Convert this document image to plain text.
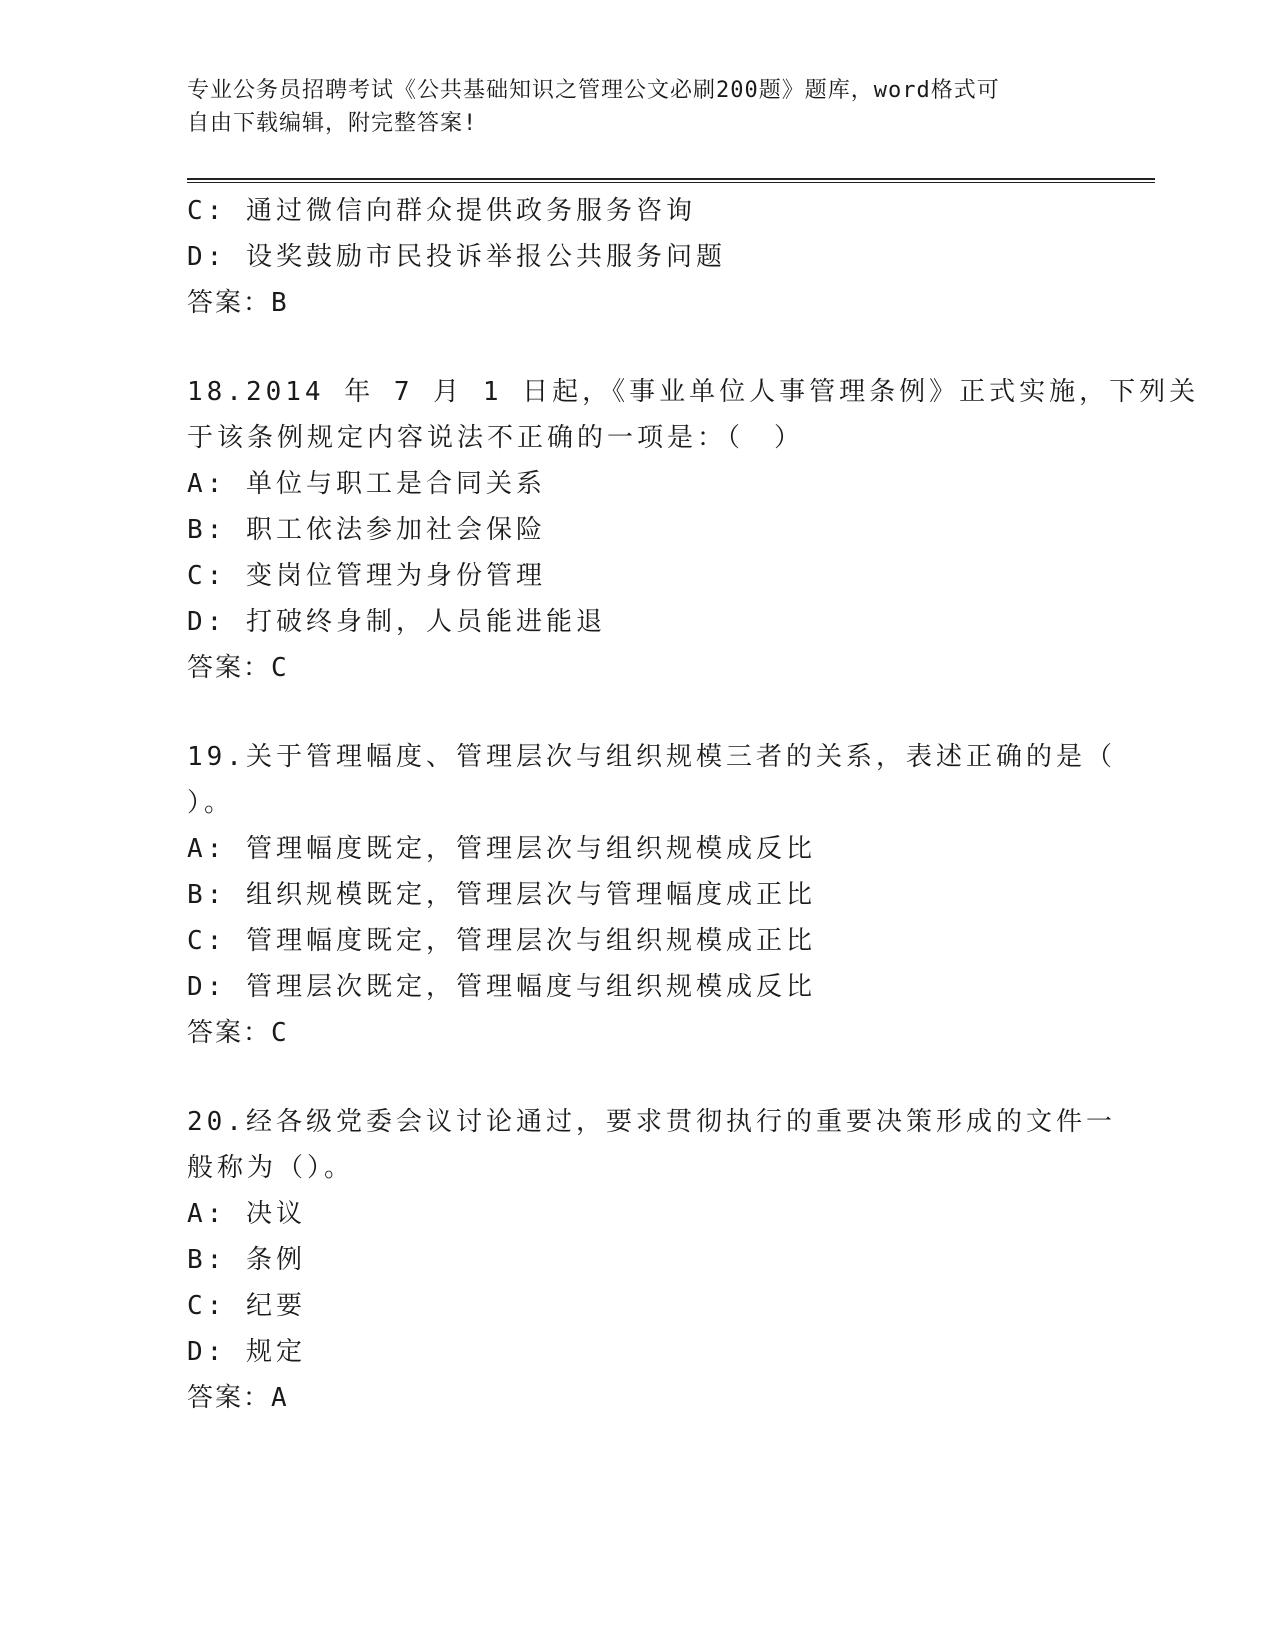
专业公务员招聘考试《公共基础知识之管理公文必刷200题》题库，word格式可
自由下载编辑，附完整答案!
C: 通过微信向群众提供政务服务咨询
D: 设奖鼓励市民投诉举报公共服务问题
答案：B
18.2014 年 7 月 1 日起，《事业单位人事管理条例》正式实施，下列关
于该条例规定内容说法不正确的一项是：（　）
A: 单位与职工是合同关系
B: 职工依法参加社会保险
C: 变岗位管理为身份管理
D: 打破终身制，人员能进能退
答案：C
19.关于管理幅度、管理层次与组织规模三者的关系，表述正确的是（
）。
A: 管理幅度既定，管理层次与组织规模成反比
B: 组织规模既定，管理层次与管理幅度成正比
C: 管理幅度既定，管理层次与组织规模成正比
D: 管理层次既定，管理幅度与组织规模成反比
答案：C
20.经各级党委会议讨论通过，要求贯彻执行的重要决策形成的文件一
般称为（）。
A: 决议
B: 条例
C: 纪要
D: 规定
答案：A
